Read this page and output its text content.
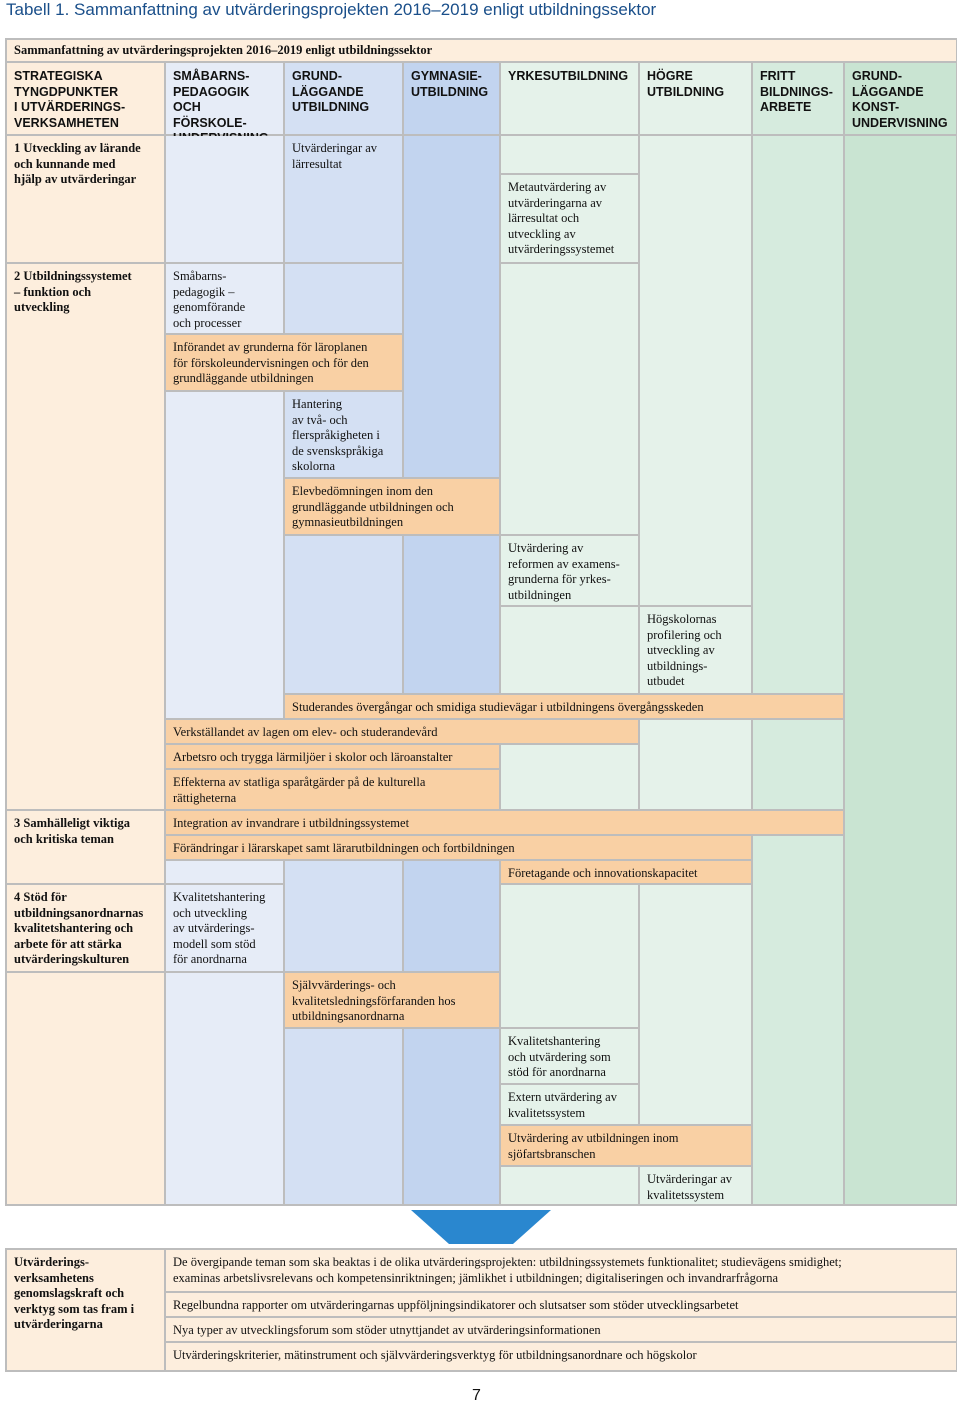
Tabell 1. Sammanfattning av utvärderingsprojekten 2016–2019 enligt utbildningssektor
Sammanfattning av utvärderingsprojekten 2016–2019 enligt utbildningssektor
STRATEGISKA
TYNGDPUNKTER
I UTVÄRDERINGS-
VERKSAMHETEN
SMÅBARNS-
PEDAGOGIK
OCH FÖRSKOLE-

GRUND-
LÄGGANDE
UTBILDNING
GYMNASIE-
UTBILDNING
YRKESUTBILDNING	HÖGRE
UTBILDNING
FRITT
BILDNINGS-
ARBETE
GRUND-
LÄGGANDE
KONST-
UNDERVISNING
1 Utveckling av lärande
och kunnande med
hjälp av utvärderingar
2 Utbildningssystemet
– funktion och
utveckling
3 Samhälleligt viktiga
och kritiska teman
4 Stöd för
utbildningsanordnarnas
kvalitetshantering och
arbete för att stärka
utvärderingskulturen
Utvärderingar av
lärresultat
Metautvärdering av
utvärderingarna av
lärresultat och
utveckling av
utvärderingssystemet
Småbarns-
pedagogik –
genomförande
och processer
Införandet av grunderna för läroplanen
för förskoleundervisningen och för den
grundläggande utbildningen
Hantering
av två- och
flerspråkigheten i
de svenskspråkiga
skolorna
Elevbedömningen inom den
grundläggande utbildningen och
gymnasieutbildningen
Utvärdering av
reformen av examens-
grunderna för yrkes-
utbildningen
Högskolornas
profilering och
utveckling av
utbildnings-
utbudet
Studerandes övergångar och smidiga studievägar i utbildningens övergångsskeden
Verkställandet av lagen om elev- och studerandevård
Arbetsro och trygga lärmiljöer i skolor och läroanstalter
Effekterna av statliga sparåtgärder på de kulturella
rättigheterna
Integration av invandrare i utbildningssystemet
Förändringar i lärarskapet samt lärarutbildningen och fortbildningen
Företagande och innovationskapacitet
Kvalitetshantering
och utveckling
av utvärderings-
modell som stöd
för anordnarna
Självvärderings- och
kvalitetsledningsförfaranden hos
utbildningsanordnarna
Kvalitetshantering
och utvärdering som
stöd för anordnarna
Extern utvärdering av
kvalitetssystem
Utvärdering av utbildningen inom
sjöfartsbranschen
Utvärderingar av
kvalitetssystem
Utvärderings-
verksamhetens
genomslagskraft och
verktyg som tas fram i
utvärderingarna
De övergipande teman som ska beaktas i de olika utvärderingsprojekten: utbildningssystemets funktionalitet; studievägens smidighet;
examinas arbetslivsrelevans och kompetensinriktningen; jämlikhet i utbildningen; digitaliseringen och invandrarfrågorna
Regelbundna rapporter om utvärderingarnas uppföljningsindikatorer och slutsatser som stöder utvecklingsarbetet
Nya typer av utvecklingsforum som stöder utnyttjandet av utvärderingsinformationen
Utvärderingskriterier, mätinstrument och självvärderingsverktyg för utbildningsanordnare och högskolor
7
